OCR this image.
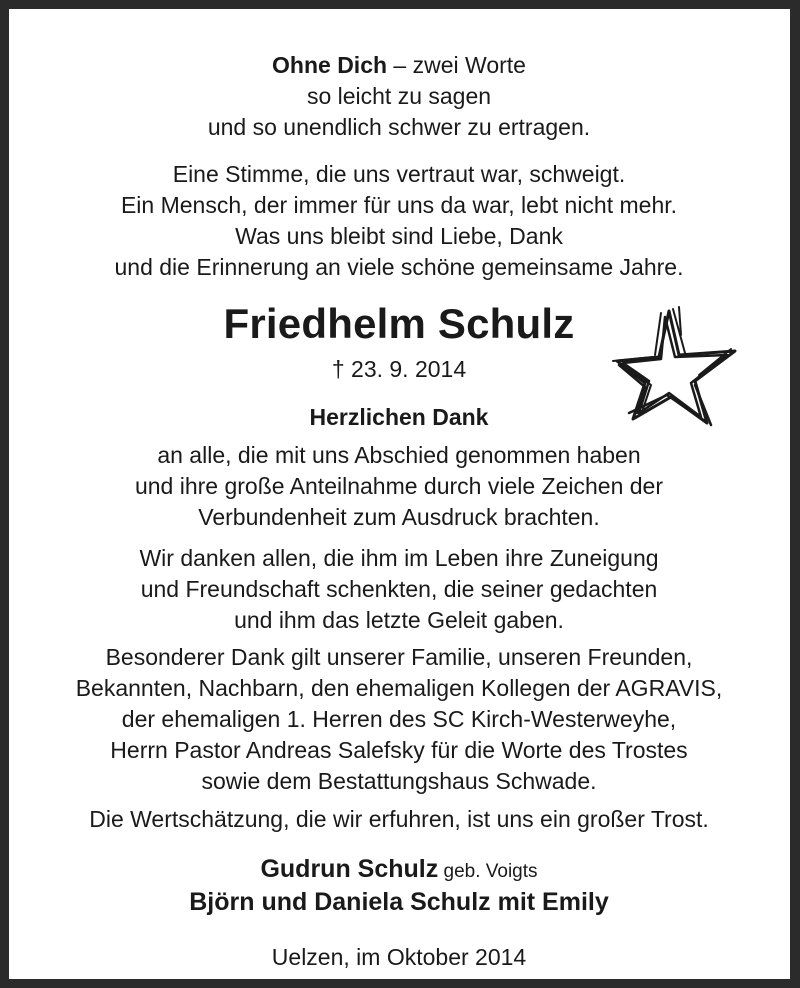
Ohne Dich – zwei Worte
so leicht zu sagen
und so unendlich schwer zu ertragen.
Eine Stimme, die uns vertraut war, schweigt.
Ein Mensch, der immer für uns da war, lebt nicht mehr.
Was uns bleibt sind Liebe, Dank
und die Erinnerung an viele schöne gemeinsame Jahre.
Friedhelm Schulz
† 23. 9. 2014
Herzlichen Dank
an alle, die mit uns Abschied genommen haben
und ihre große Anteilnahme durch viele Zeichen der
Verbundenheit zum Ausdruck brachten.
Wir danken allen, die ihm im Leben ihre Zuneigung
und Freundschaft schenkten, die seiner gedachten
und ihm das letzte Geleit gaben.
Besonderer Dank gilt unserer Familie, unseren Freunden,
Bekannten, Nachbarn, den ehemaligen Kollegen der AGRAVIS,
der ehemaligen 1. Herren des SC Kirch-Westerweyhe,
Herrn Pastor Andreas Salefsky für die Worte des Trostes
sowie dem Bestattungshaus Schwade.
Die Wertschätzung, die wir erfuhren, ist uns ein großer Trost.
Gudrun Schulz geb. Voigts
Björn und Daniela Schulz mit Emily
Uelzen, im Oktober 2014
